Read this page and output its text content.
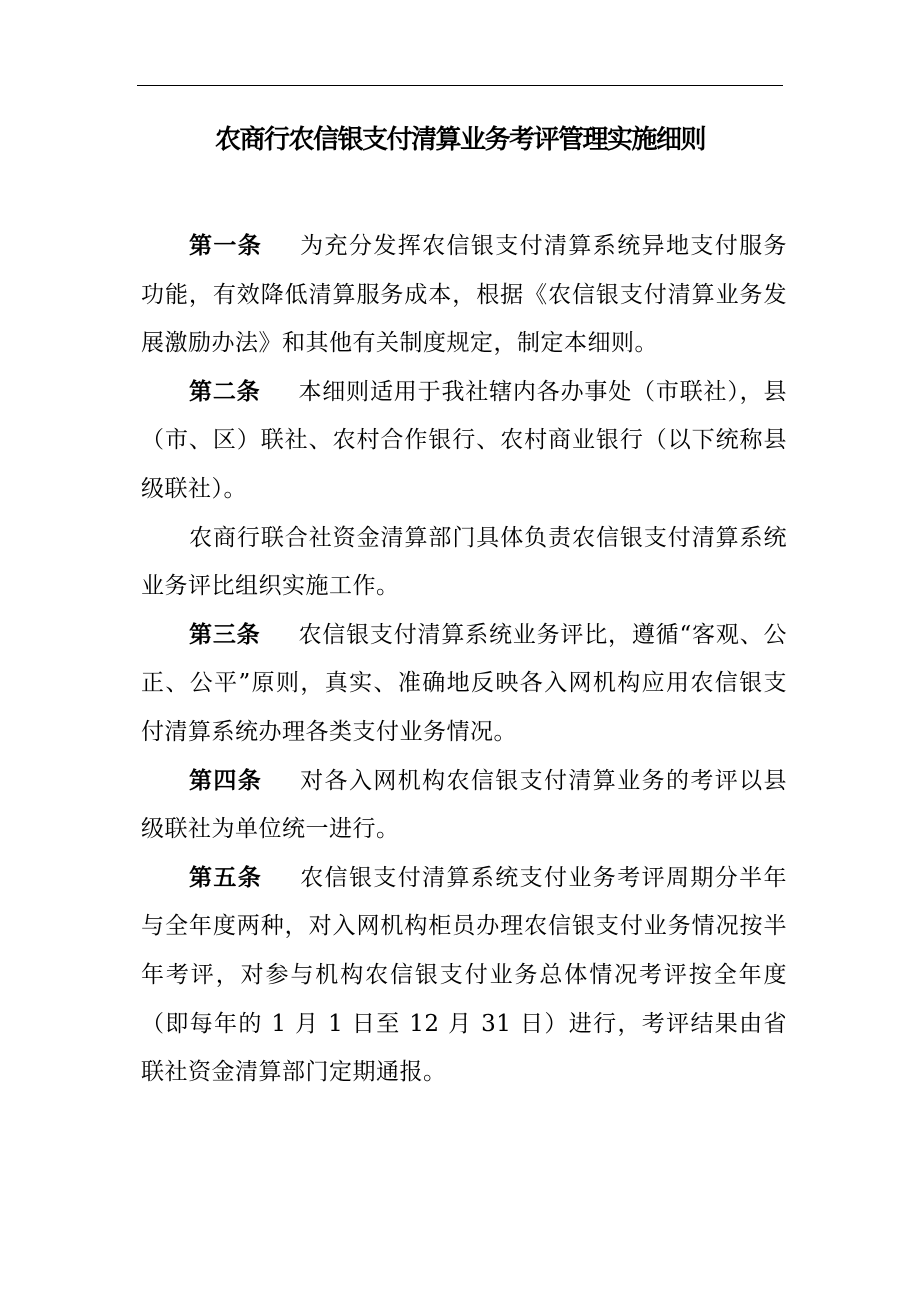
农商行农信银支付清算业务考评管理实施细则

第一条 为充分发挥农信银支付清算系统异地支付服务功能，有效降低清算服务成本，根据《农信银支付清算业务发展激励办法》和其他有关制度规定，制定本细则。

第二条 本细则适用于我社辖内各办事处（市联社），县（市、区）联社、农村合作银行、农村商业银行（以下统称县级联社）。

农商行联合社资金清算部门具体负责农信银支付清算系统业务评比组织实施工作。

第三条 农信银支付清算系统业务评比，遵循“客观、公正、公平”原则，真实、准确地反映各入网机构应用农信银支付清算系统办理各类支付业务情况。

第四条 对各入网机构农信银支付清算业务的考评以县级联社为单位统一进行。

第五条 农信银支付清算系统支付业务考评周期分半年与全年度两种，对入网机构柜员办理农信银支付业务情况按半年考评，对参与机构农信银支付业务总体情况考评按全年度（即每年的 1 月 1 日至 12 月 31 日）进行，考评结果由省联社资金清算部门定期通报。
